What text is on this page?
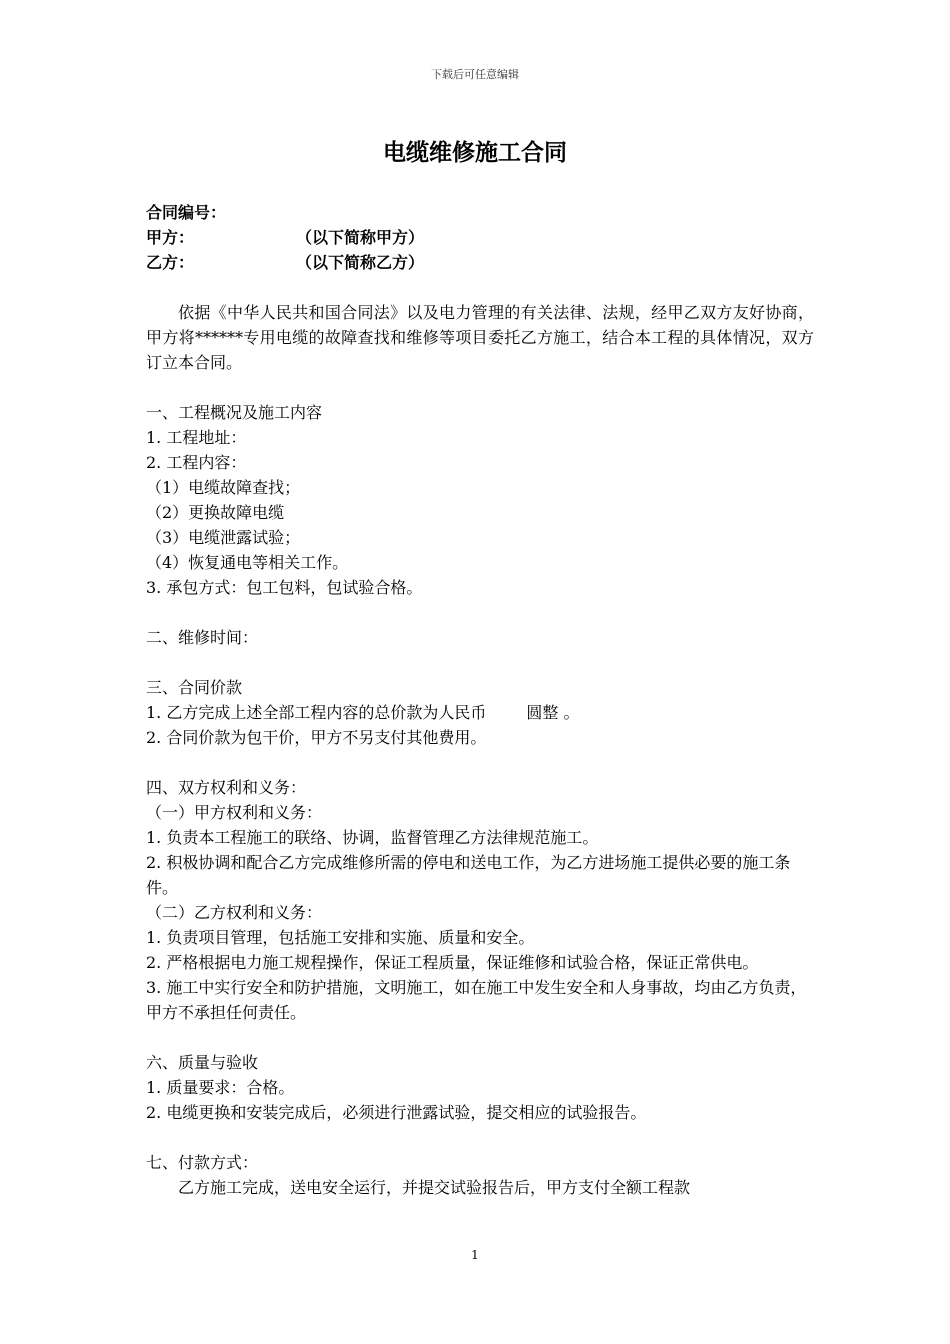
下载后可任意编辑
电缆维修施工合同
合同编号：
甲方：	（以下简称甲方）
乙方：	（以下简称乙方）
依据《中华人民共和国合同法》以及电力管理的有关法律、法规，经甲乙双方友好协商，甲方将******专用电缆的故障查找和维修等项目委托乙方施工，结合本工程的具体情况，双方订立本合同。
一、工程概况及施工内容
1. 工程地址：
2. 工程内容：
（1）电缆故障查找；
（2）更换故障电缆
（3）电缆泄露试验；
（4）恢复通电等相关工作。
3. 承包方式：包工包料，包试验合格。
二、维修时间：
三、合同价款
1. 乙方完成上述全部工程内容的总价款为人民币	圆整 。
2. 合同价款为包干价，甲方不另支付其他费用。
四、双方权利和义务：
（一）甲方权利和义务：
1. 负责本工程施工的联络、协调，监督管理乙方法律规范施工。
2. 积极协调和配合乙方完成维修所需的停电和送电工作，为乙方进场施工提供必要的施工条件。
（二）乙方权利和义务：
1. 负责项目管理，包括施工安排和实施、质量和安全。
2. 严格根据电力施工规程操作，保证工程质量，保证维修和试验合格，保证正常供电。
3. 施工中实行安全和防护措施，文明施工，如在施工中发生安全和人身事故，均由乙方负责，甲方不承担任何责任。
六、质量与验收
1. 质量要求：合格。
2. 电缆更换和安装完成后，必须进行泄露试验，提交相应的试验报告。
七、付款方式：
乙方施工完成，送电安全运行，并提交试验报告后，甲方支付全额工程款
1
